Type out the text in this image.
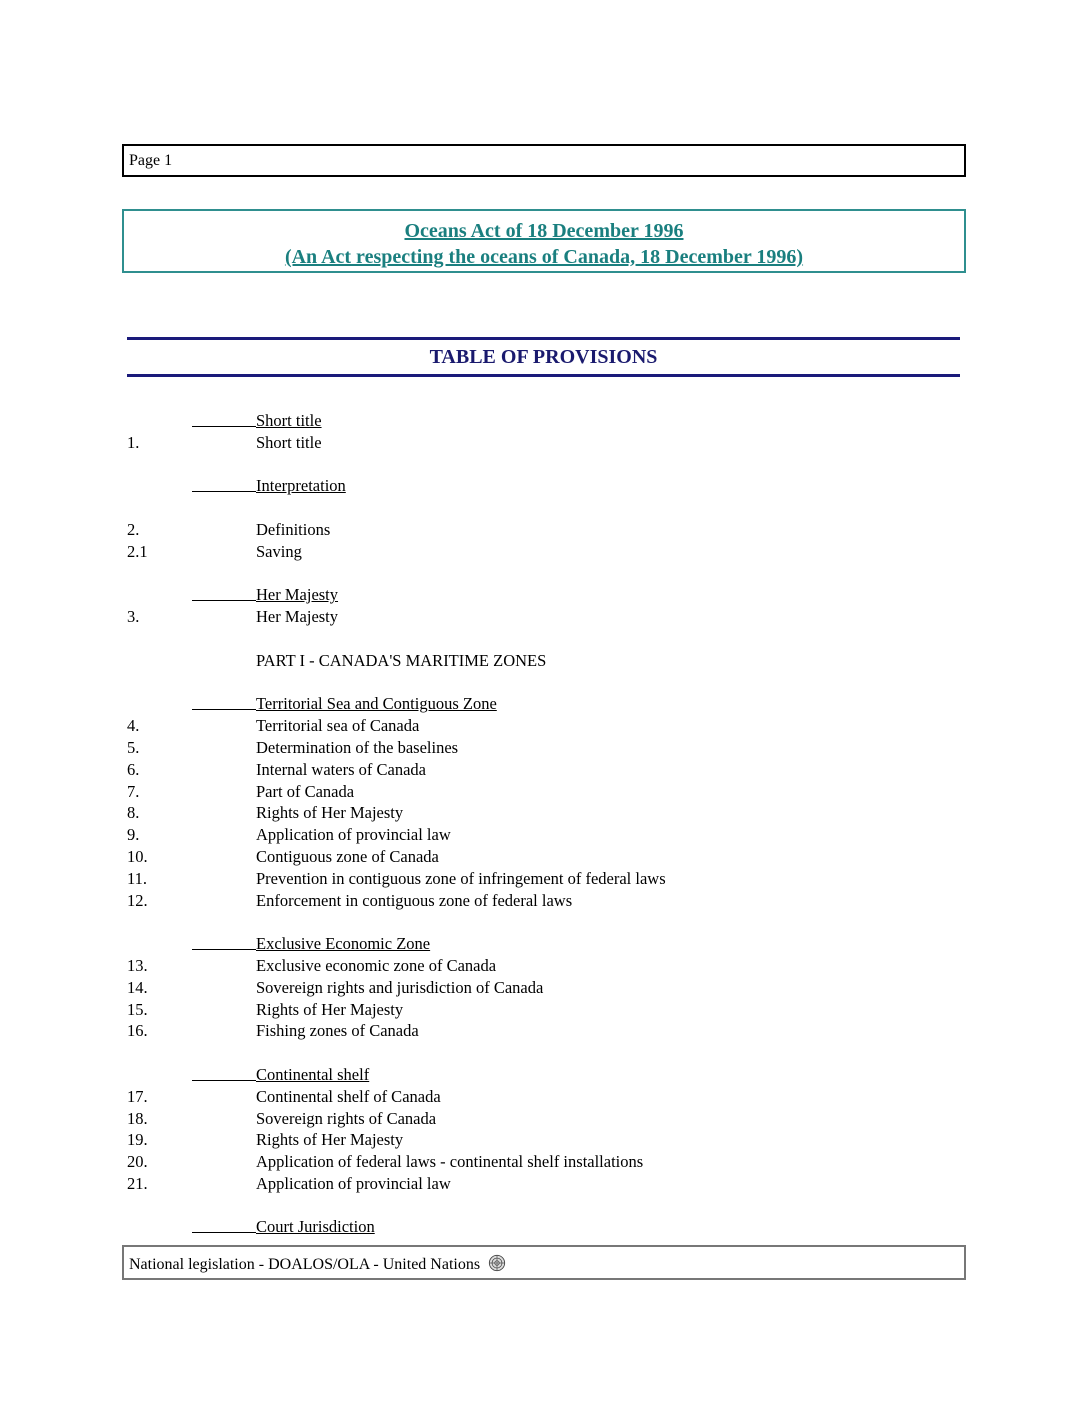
Page 1
Oceans Act of 18 December 1996
(An Act respecting the oceans of Canada, 18 December 1996)
TABLE OF PROVISIONS
Short title
1.	Short title
Interpretation
2.	Definitions
2.1	Saving
Her Majesty
3.	Her Majesty
PART I - CANADA'S MARITIME ZONES
Territorial Sea and Contiguous Zone
4.	Territorial sea of Canada
5.	Determination of the baselines
6.	Internal waters of Canada
7.	Part of Canada
8.	Rights of Her Majesty
9.	Application of provincial law
10.	Contiguous zone of Canada
11.	Prevention in contiguous zone of infringement of federal laws
12.	Enforcement in contiguous zone of federal laws
Exclusive Economic Zone
13.	Exclusive economic zone of Canada
14.	Sovereign rights and jurisdiction of Canada
15.	Rights of Her Majesty
16.	Fishing zones of Canada
Continental shelf
17.	Continental shelf of Canada
18.	Sovereign rights of Canada
19.	Rights of Her Majesty
20.	Application of federal laws - continental shelf installations
21.	Application of provincial law
Court Jurisdiction
National legislation - DOALOS/OLA - United Nations
